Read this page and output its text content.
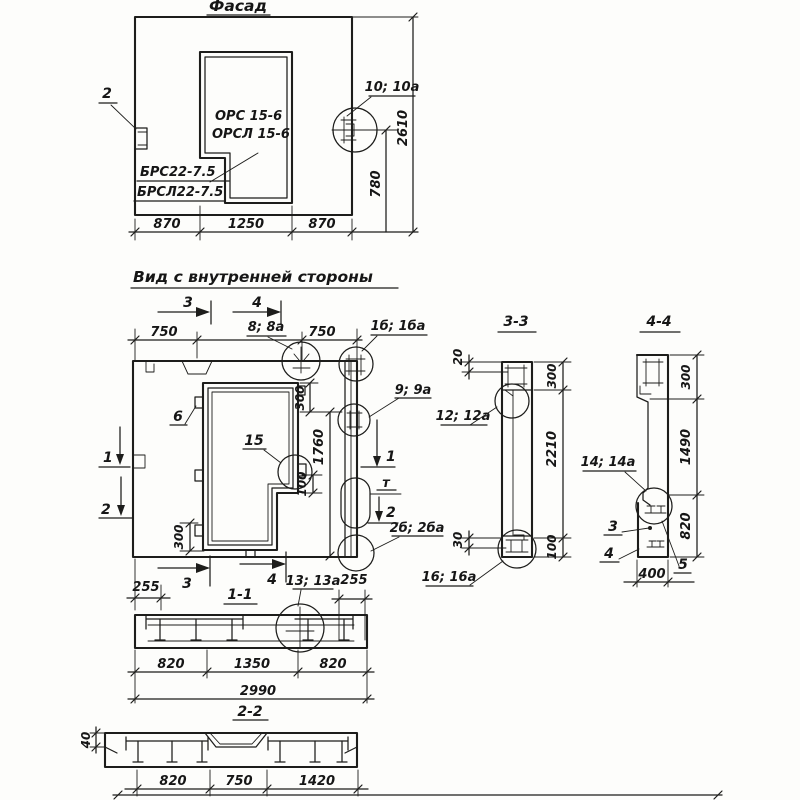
Фасад
2
ОРС 15-6
ОРСЛ 15-6
БРС22-7.5
БРСЛ22-7.5
10; 10а
870	1250	870
2610
780
Вид с внутренней стороны
3	4
750	750
8; 8а	1б; 1ба
6
15
9; 9а
2б; 2ба
1
т
2
1
2
300
1760
100
300
255	255
3	4 13; 13а
1-1
820	1350	820
2990
2-2
40
820	750	1420
3-3
12; 12а
16; 16а
300
2210
100
20
30
4-4
14; 14а
3
4
5
300
1490
820
400
